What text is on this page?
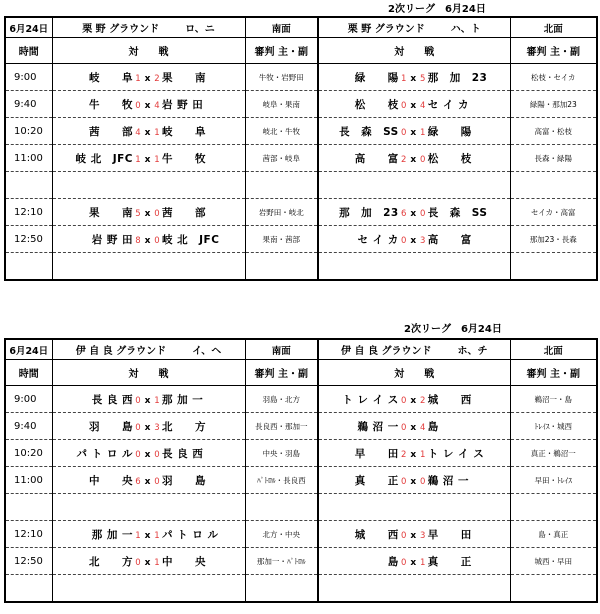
2次リーグ　6月24日
2次リーグ　6月24日
6月24日	栗 野 グラウンド ロ、ニ	南面	栗 野 グラウンド ハ、ト	北面
時間	対　　戦	審判 主・副	対　　戦	審判 主・副
9:00	岐　　阜 1 x 2 果　　南	牛牧・岩野田	緑　　陽 1 x 5 那　加　23	松枝・セイカ
9:40	牛　　牧 0 x 4 岩 野 田	岐阜・果南	松　　枝 0 x 4 セ イ カ	緑陽・那加23
10:20	茜　　部 4 x 1 岐　　阜	岐北・牛牧	長　森　SS 0 x 1 緑　　陽	高富・松枝
11:00	岐 北　JFC 1 x 1 牛　　牧	茜部・岐阜	高　　富 2 x 0 松　　枝	長森・緑陽

12:10	果　　南 5 x 0 茜　　部	岩野田・岐北	那　加　23 6 x 0 長　森　SS	セイカ・高富
12:50	岩 野 田 8 x 0 岐 北　JFC	果南・茜部	セ イ カ 0 x 3 高　　富	那加23・長森

6月24日	伊 自 良 グラウンド イ、ヘ	南面	伊 自 良 グラウンド ホ、チ	北面
時間	対　　戦	審判 主・副	対　　戦	審判 主・副
9:00	長 良 西 0 x 1 那 加 一	羽島・北方	ト レ イ ス 0 x 2 城　　西	鵜沼一・島
9:40	羽　　島 0 x 3 北　　方	長良西・那加一	鵜 沼 一 0 x 4 島	ﾄﾚｲｽ・城西
10:20	パ ト ロ ル 0 x 0 長 良 西	中央・羽島	早　　田 2 x 1 ト レ イ ス	真正・鵜沼一
11:00	中　　央 6 x 0 羽　　島	ﾊﾟﾄﾛﾙ・長良西	真　　正 0 x 0 鵜 沼 一	早田・ﾄﾚｲｽ

12:10	那 加 一 1 x 1 パ ト ロ ル	北方・中央	城　　西 0 x 3 早　　田	島・真正
12:50	北　　方 0 x 1 中　　央	那加一・ﾊﾟﾄﾛﾙ	島 0 x 1 真　　正	城西・早田
